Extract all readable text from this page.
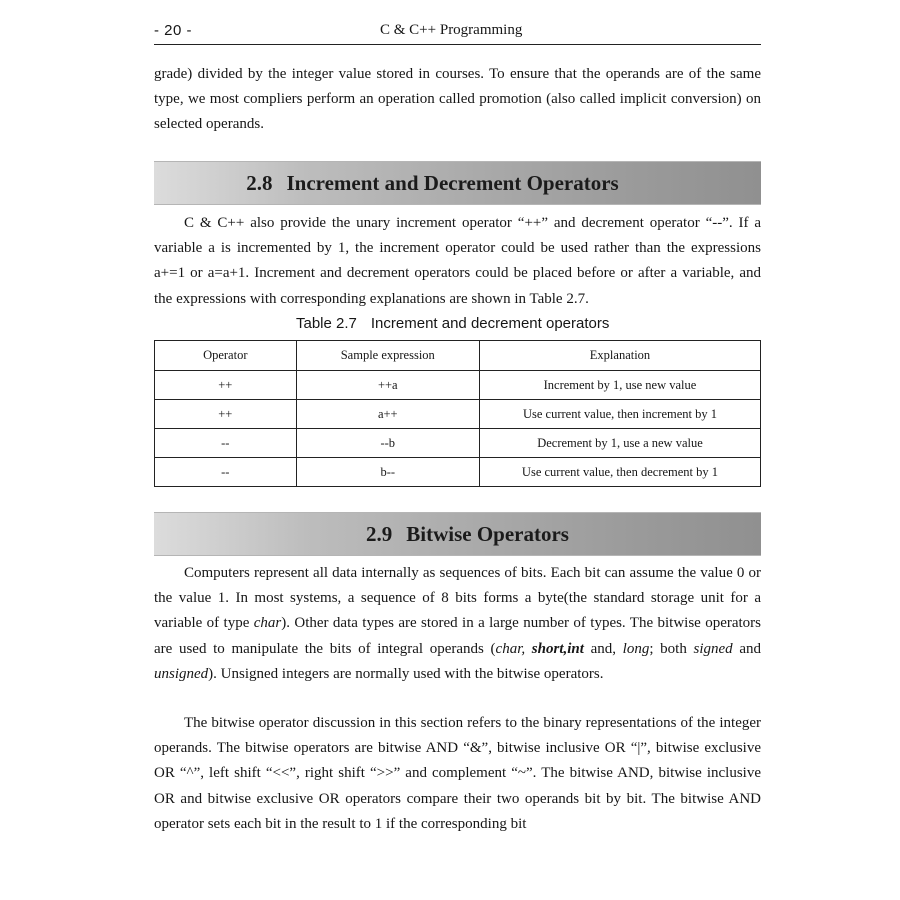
- 20 -	C & C++ Programming

grade) divided by the integer value stored in courses. To ensure that the operands are of the same type, we most compliers perform an operation called promotion (also called implicit conversion) on selected operands.

2.8 Increment and Decrement Operators

C & C++ also provide the unary increment operator “++” and decrement operator “--”. If a variable a is incremented by 1, the increment operator could be used rather than the expressions a+=1 or a=a+1. Increment and decrement operators could be placed before or after a variable, and the expressions with corresponding explanations are shown in Table 2.7.

Table 2.7 Increment and decrement operators
Operator	Sample expression	Explanation
++	++a	Increment by 1, use new value
++	a++	Use current value, then increment by 1
--	--b	Decrement by 1, use a new value
--	b--	Use current value, then decrement by 1
2.9 Bitwise Operators

Computers represent all data internally as sequences of bits. Each bit can assume the value 0 or the value 1. In most systems, a sequence of 8 bits forms a byte(the standard storage unit for a variable of type char). Other data types are stored in a large number of types. The bitwise operators are used to manipulate the bits of integral operands (char, short,int and, long; both signed and unsigned). Unsigned integers are normally used with the bitwise operators.

The bitwise operator discussion in this section refers to the binary representations of the integer operands. The bitwise operators are bitwise AND “&”, bitwise inclusive OR “|”, bitwise exclusive OR “^”, left shift “<<”, right shift “>>” and complement “~”. The bitwise AND, bitwise inclusive OR and bitwise exclusive OR operators compare their two operands bit by bit. The bitwise AND operator sets each bit in the result to 1 if the corresponding bit
